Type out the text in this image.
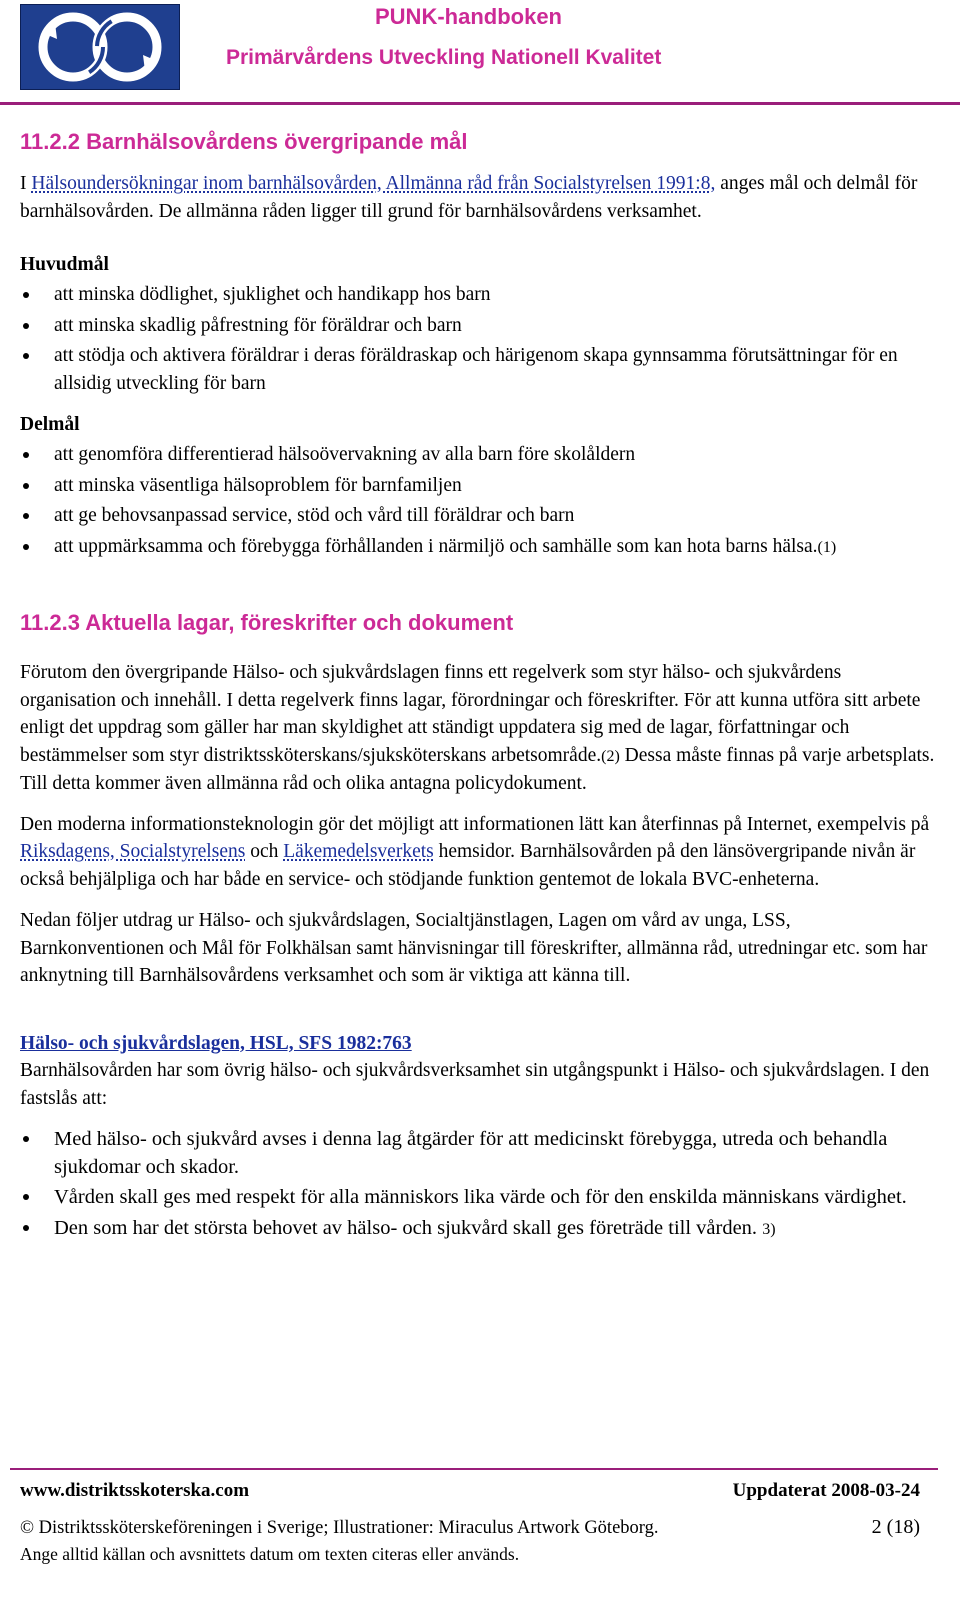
PUNK-handboken
Primärvårdens Utveckling Nationell Kvalitet
11.2.2 Barnhälsovårdens övergripande mål

I Hälsoundersökningar inom barnhälsovården, Allmänna råd från Socialstyrelsen 1991:8, anges mål och delmål för barnhälsovården. De allmänna råden ligger till grund för barnhälsovårdens verksamhet.

Huvudmål
att minska dödlighet, sjuklighet och handikapp hos barn
att minska skadlig påfrestning för föräldrar och barn
att stödja och aktivera föräldrar i deras föräldraskap och härigenom skapa gynnsamma förutsättningar för en allsidig utveckling för barn
Delmål
att genomföra differentierad hälsoövervakning av alla barn före skolåldern
att minska väsentliga hälsoproblem för barnfamiljen
att ge behovsanpassad service, stöd och vård till föräldrar och barn
att uppmärksamma och förebygga förhållanden i närmiljö och samhälle som kan hota barns hälsa.(1)
11.2.3 Aktuella lagar, föreskrifter och dokument

Förutom den övergripande Hälso- och sjukvårdslagen finns ett regelverk som styr hälso- och sjukvårdens organisation och innehåll. I detta regelverk finns lagar, förordningar och föreskrifter. För att kunna utföra sitt arbete enligt det uppdrag som gäller har man skyldighet att ständigt uppdatera sig med de lagar, författningar och bestämmelser som styr distriktssköterskans/sjuksköterskans arbetsområde.(2) Dessa måste finnas på varje arbetsplats. Till detta kommer även allmänna råd och olika antagna policydokument.

Den moderna informationsteknologin gör det möjligt att informationen lätt kan återfinnas på Internet, exempelvis på Riksdagens, Socialstyrelsens och Läkemedelsverkets hemsidor. Barnhälsovården på den länsövergripande nivån är också behjälpliga och har både en service- och stödjande funktion gentemot de lokala BVC-enheterna.

Nedan följer utdrag ur Hälso- och sjukvårdslagen, Socialtjänstlagen, Lagen om vård av unga, LSS, Barnkonventionen och Mål för Folkhälsan samt hänvisningar till föreskrifter, allmänna råd, utredningar etc. som har anknytning till Barnhälsovårdens verksamhet och som är viktiga att känna till.

Hälso- och sjukvårdslagen, HSL, SFS 1982:763

Barnhälsovården har som övrig hälso- och sjukvårdsverksamhet sin utgångspunkt i Hälso- och sjukvårdslagen. I den fastslås att:

Med hälso- och sjukvård avses i denna lag åtgärder för att medicinskt förebygga, utreda och behandla sjukdomar och skador.
Vården skall ges med respekt för alla människors lika värde och för den enskilda människans värdighet.
Den som har det största behovet av hälso- och sjukvård skall ges företräde till vården. 3)
www.distriktsskoterska.com	Uppdaterat 2008-03-24
© Distriktssköterskeföreningen i Sverige; Illustrationer: Miraculus Artwork Göteborg.	2 (18)
Ange alltid källan och avsnittets datum om texten citeras eller används.
